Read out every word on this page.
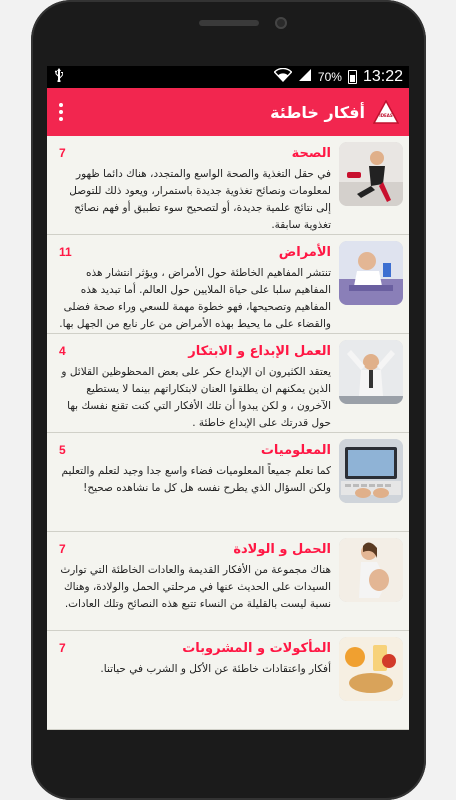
70% 13:22
أفكار خاطئة	IDEAS
الصحة
7
في حقل التغذية والصحة الواسع والمتجدد، هناك دائما ظهور لمعلومات ونصائح تغذوية جديدة باستمرار، ويعود ذلك للتوصل إلى نتائج علمية جديدة، أو لتصحيح سوء تطبيق أو فهم نصائح تغذوية سابقة.
الأمراض
11
تنتشر المفاهيم الخاطئة حول الأمراض ، ويؤثر انتشار هذه المفاهيم سلبا على حياة الملايين حول العالم. أما تبديد هذه المفاهيم وتصحيحها، فهو خطوة مهمة للسعي وراء صحة فضلى والقضاء على ما يحيط بهذه الأمراض من عار نابع من الجهل بها.
العمل الإبداع و الابتكار
4
يعتقد الكثيرون ان الإبداع حكر على بعض المحظوظين القلائل و الذين يمكنهم ان يطلقوا العنان لابتكاراتهم بينما لا يستطيع الآخرون ، و لكن يبدوا أن تلك الأفكار التي كنت تقنع نفسك بها حول قدرتك على الإبداع خاطئة .
المعلوميات
5
كما نعلم جميعاً المعلوميات فضاء واسع جدا وجيد لتعلم والتعليم ولكن السؤال الذي يطرح نفسه هل كل ما نشاهده صحيح!
الحمل و الولادة
7
هناك مجموعة من الأفكار القديمة والعادات الخاطئة التي توارث السيدات على الحديث عنها في مرحلتي الحمل والولادة، وهناك نسبة ليست بالقليلة من النساء تتبع هذه النصائح وتلك العادات.
المأكولات و المشروبات
7
أفكار واعتقادات خاطئة عن الأكل و الشرب في حياتنا.
